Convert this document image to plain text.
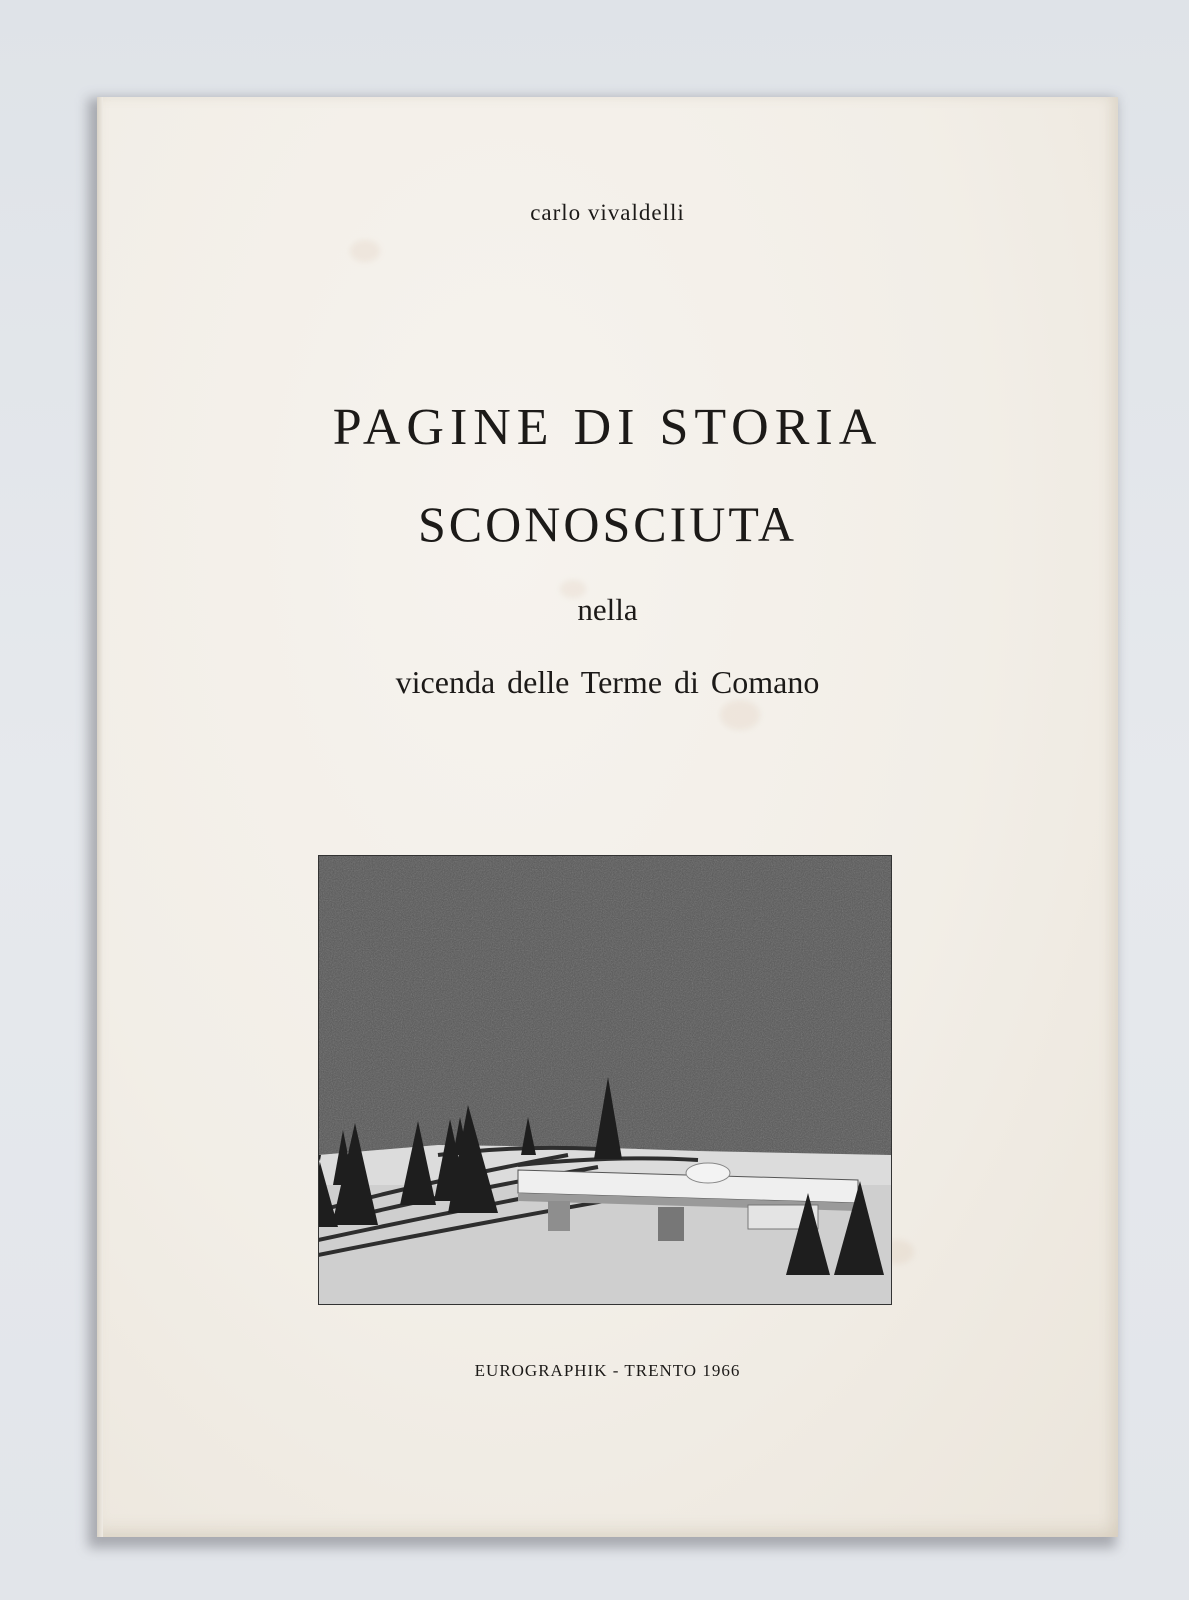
carlo vivaldelli
PAGINE DI STORIA
SCONOSCIUTA
nella
vicenda delle Terme di Comano
EUROGRAPHIK - TRENTO 1966
